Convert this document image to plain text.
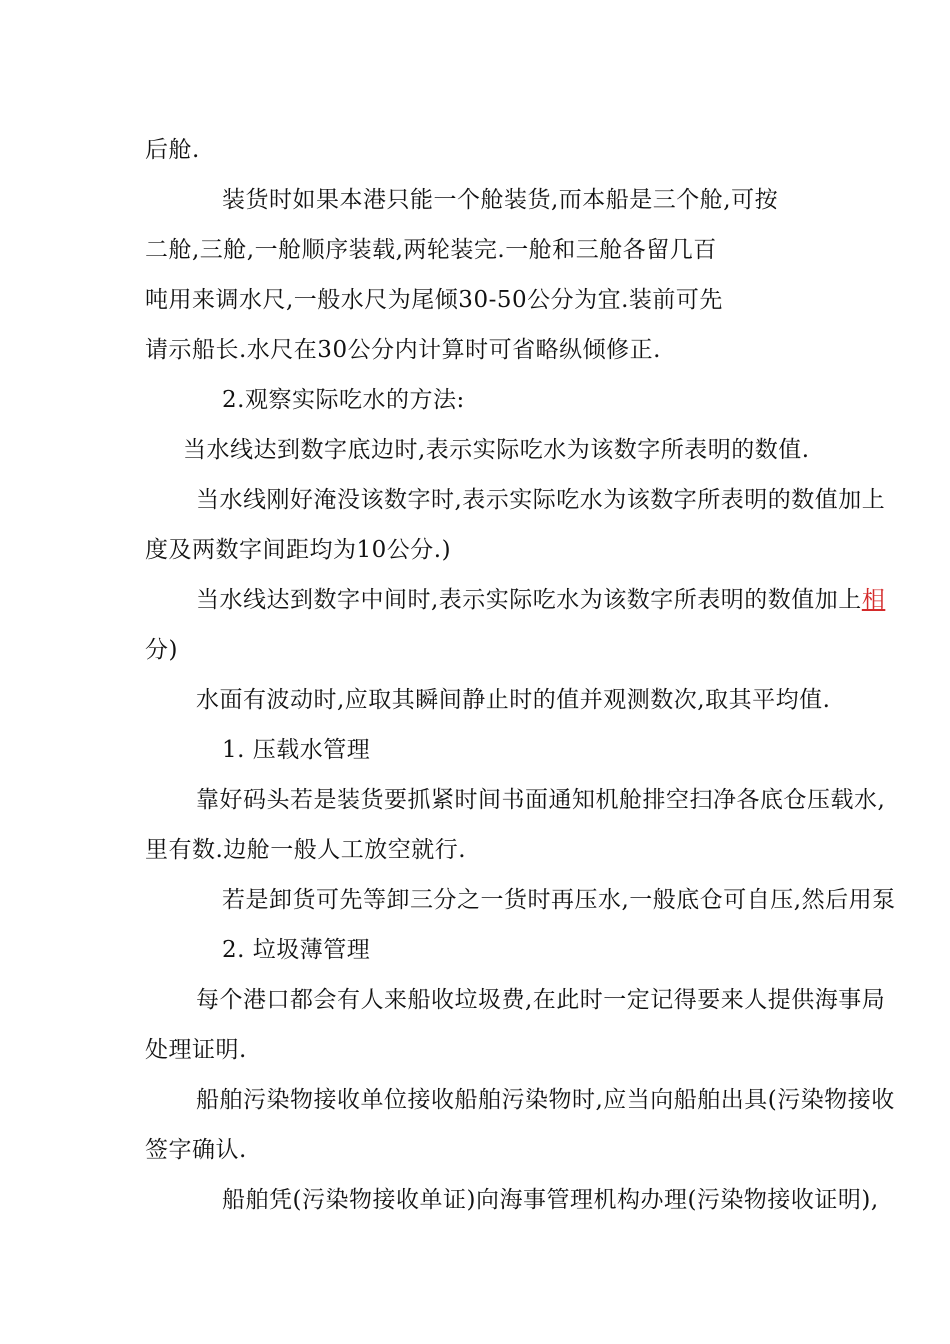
后舱.
装货时如果本港只能一个舱装货,而本船是三个舱,可按
二舱,三舱,一舱顺序装载,两轮装完.一舱和三舱各留几百
吨用来调水尺,一般水尺为尾倾30-50公分为宜.装前可先
请示船长.水尺在30公分内计算时可省略纵倾修正.
2.观察实际吃水的方法:
当水线达到数字底边时,表示实际吃水为该数字所表明的数值.
当水线刚好淹没该数字时,表示实际吃水为该数字所表明的数值加上
度及两数字间距均为10公分.)
当水线达到数字中间时,表示实际吃水为该数字所表明的数值加上相
分)
水面有波动时,应取其瞬间静止时的值并观测数次,取其平均值.
1. 压载水管理
靠好码头若是装货要抓紧时间书面通知机舱排空扫净各底仓压载水,
里有数.边舱一般人工放空就行.
若是卸货可先等卸三分之一货时再压水,一般底仓可自压,然后用泵
2. 垃圾薄管理
每个港口都会有人来船收垃圾费,在此时一定记得要来人提供海事局
处理证明.
船舶污染物接收单位接收船舶污染物时,应当向船舶出具(污染物接收
签字确认.
船舶凭(污染物接收单证)向海事管理机构办理(污染物接收证明),
